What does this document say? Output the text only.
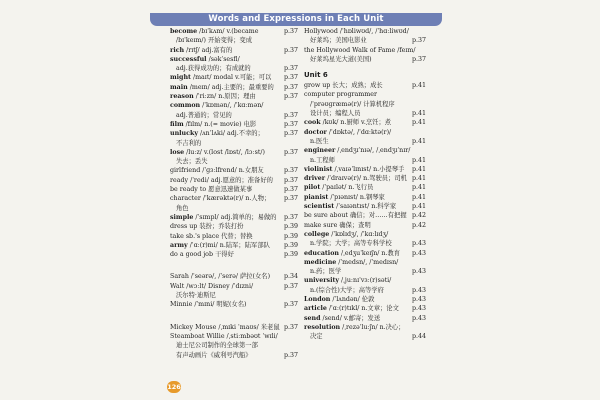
Words and Expressions in Each Unit
become /bɪˈkʌm/ v.(became	p.37
/bɪˈkeɪm/) 开始变得；变成
rich /rɪtʃ/ adj.富有的	p.37
successful /səkˈsesfl/
adj.获得成功的；有成就的	p.37
might /maɪt/ modal v.可能；可以	p.37
main /meɪn/ adj.主要的；最重要的	p.37
reason /ˈriːzn/ n.原因；理由	p.37
common /ˈkɒmən/, /ˈkɑːmən/
adj.普通的；常见的	p.37
film /fɪlm/ n.(= movie) 电影	p.37
unlucky /ʌnˈlʌki/ adj.不幸的；	p.37
不吉利的
lose /luːz/ v.(lost /lɒst/, /lɔːst/)	p.37
失去；丢失
girlfriend /ˈɡɜːlfrend/ n.女朋友	p.37
ready /ˈredi/ adj.愿意的；准备好的	p.37
be ready to 愿意迅速做某事	p.37
character /ˈkærəktə(r)/ n.人物；	p.37
角色
simple /ˈsɪmpl/ adj.简单的；易做的	p.37
dress up 装扮；乔装打扮	p.39
take sb.'s place 代替；替换	p.39
army /ˈɑː(r)mi/ n.陆军；陆军部队	p.39
do a good job 干得好	p.39
Sarah /ˈseərə/, /ˈserə/ 萨拉(女名)	p.34
Walt /wɔːlt/ Disney /ˈdɪzni/	p.37
沃尔特·迪斯尼
Minnie /ˈmɪni/ 明妮(女名)	p.37
Mickey Mouse /ˌmɪki ˈmaʊs/ 米老鼠 p.37
Steamboat Willie /ˌstiːmbəʊt ˈwɪli/
迪士尼公司制作的全球第一部
有声动画片《威利号汽船》	p.37
Hollywood /ˈhɒliwʊd/, /ˈhɑːliwʊd/
好莱坞；美国电影业	p.37
the Hollywood Walk of Fame /feɪm/
好莱坞星光大道(美国)	p.37
Unit 6
grow up 长大；成熟；成长	p.41
computer programmer
/ˈprəʊɡræmə(r)/ 计算机程序
设计员；编程人员	p.41
cook /kʊk/ n.厨师 v.烹饪；煮	p.41
doctor /ˈdɒktə/, /ˈdɑːktə(r)/
n.医生	p.41
engineer /ˌendʒɪˈnɪə/, /ˌendʒɪˈnɪr/
n.工程师	p.41
violinist /ˌvaɪəˈlɪnɪst/ n.小提琴手	p.41
driver /ˈdraɪvə(r)/ n.驾驶员；司机 p.41
pilot /ˈpaɪlət/ n.飞行员	p.41
pianist /ˈpɪənɪst/ n.钢琴家	p.41
scientist /ˈsaɪəntɪst/ n.科学家	p.41
be sure about 确信；对……有把握 p.42
make sure 确保；查明	p.42
college /ˈkɒlɪdʒ/, /ˈkɑːlɪdʒ/
n.学院；大学；高等专科学校	p.43
education /ˌedʒuˈkeɪʃn/ n.教育	p.43
medicine /ˈmedsn/, /ˈmedɪsn/
n.药；医学	p.43
university /ˌjuːnɪˈvɜː(r)səti/
n.(综合性)大学；高等学府	p.43
London /ˈlʌndən/ 伦敦	p.43
article /ˈɑː(r)tɪkl/ n.文章；论文	p.43
send /send/ v.邮寄；发送	p.43
resolution /ˌrezəˈluːʃn/ n.决心；
决定	p.44
126
